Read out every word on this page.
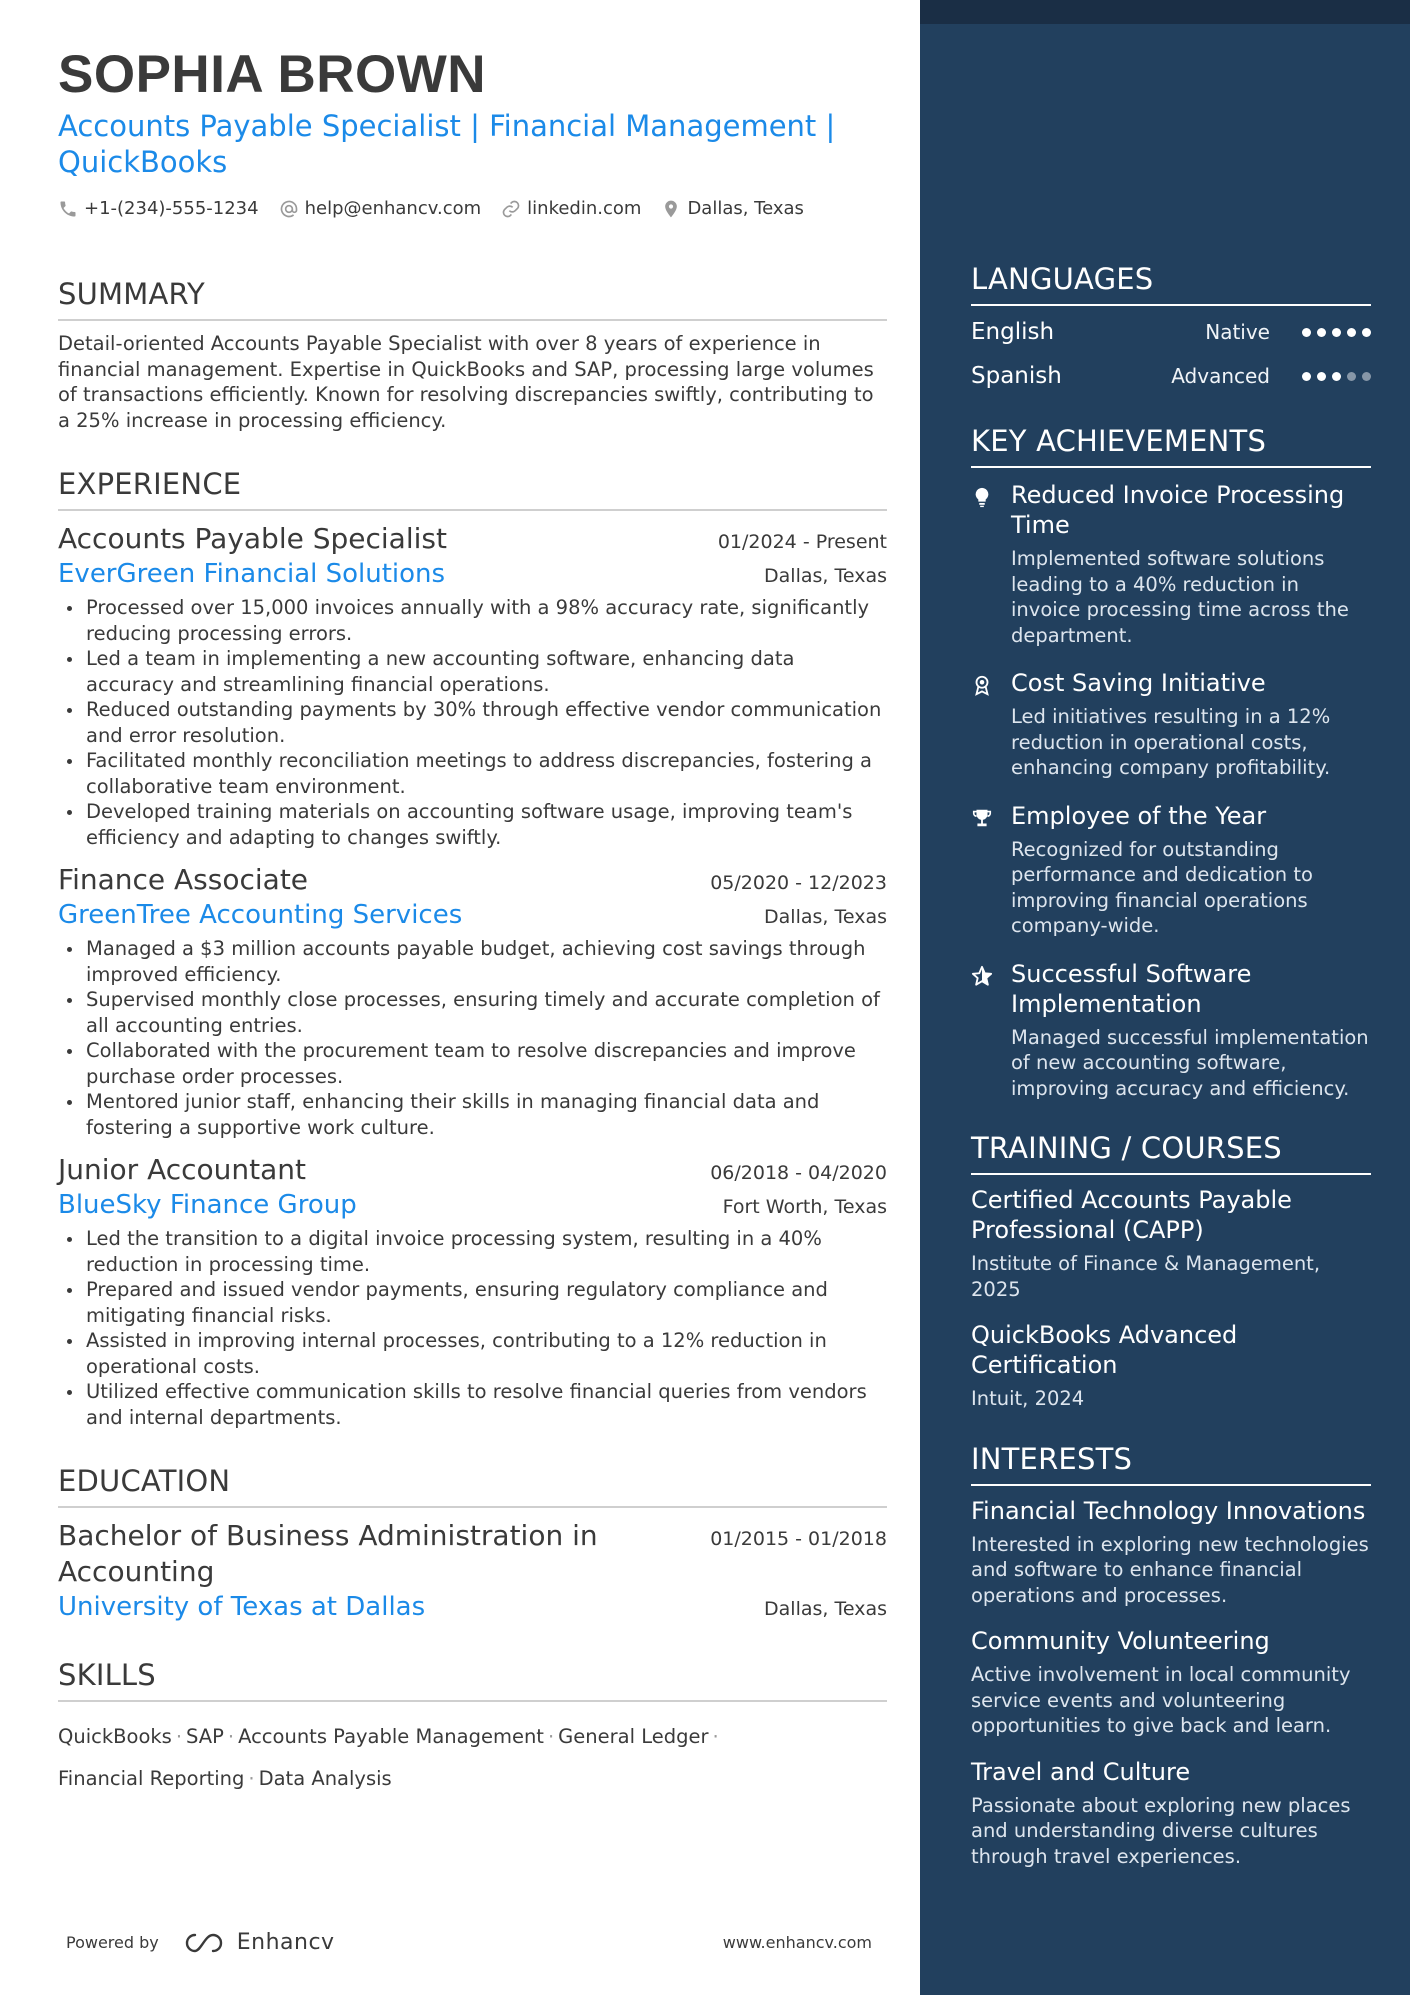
SOPHIA BROWN
Accounts Payable Specialist | Financial Management | QuickBooks
+1-(234)-555-1234	help@enhancv.com	linkedin.com	Dallas, Texas
SUMMARY
Detail-oriented Accounts Payable Specialist with over 8 years of experience in financial management. Expertise in QuickBooks and SAP, processing large volumes of transactions efficiently. Known for resolving discrepancies swiftly, contributing to a 25% increase in processing efficiency.
EXPERIENCE
Accounts Payable Specialist	01/2024 - Present
EverGreen Financial Solutions	Dallas, Texas
Processed over 15,000 invoices annually with a 98% accuracy rate, significantly reducing processing errors.
Led a team in implementing a new accounting software, enhancing data accuracy and streamlining financial operations.
Reduced outstanding payments by 30% through effective vendor communication and error resolution.
Facilitated monthly reconciliation meetings to address discrepancies, fostering a collaborative team environment.
Developed training materials on accounting software usage, improving team's efficiency and adapting to changes swiftly.
Finance Associate	05/2020 - 12/2023
GreenTree Accounting Services	Dallas, Texas
Managed a $3 million accounts payable budget, achieving cost savings through improved efficiency.
Supervised monthly close processes, ensuring timely and accurate completion of all accounting entries.
Collaborated with the procurement team to resolve discrepancies and improve purchase order processes.
Mentored junior staff, enhancing their skills in managing financial data and fostering a supportive work culture.
Junior Accountant	06/2018 - 04/2020
BlueSky Finance Group	Fort Worth, Texas
Led the transition to a digital invoice processing system, resulting in a 40% reduction in processing time.
Prepared and issued vendor payments, ensuring regulatory compliance and mitigating financial risks.
Assisted in improving internal processes, contributing to a 12% reduction in operational costs.
Utilized effective communication skills to resolve financial queries from vendors and internal departments.
EDUCATION
Bachelor of Business Administration in Accounting
01/2015 - 01/2018
University of Texas at Dallas	Dallas, Texas
SKILLS
QuickBooks · SAP · Accounts Payable Management · General Ledger ·
Financial Reporting · Data Analysis
Powered by	Enhancv	www.enhancv.com
LANGUAGES
English	Native
Spanish	Advanced
KEY ACHIEVEMENTS
Reduced Invoice Processing Time
Implemented software solutions leading to a 40% reduction in invoice processing time across the department.
Cost Saving Initiative
Led initiatives resulting in a 12% reduction in operational costs, enhancing company profitability.
Employee of the Year
Recognized for outstanding performance and dedication to improving financial operations company-wide.
Successful Software Implementation
Managed successful implementation of new accounting software, improving accuracy and efficiency.
TRAINING / COURSES
Certified Accounts Payable Professional (CAPP)
Institute of Finance & Management, 2025
QuickBooks Advanced Certification
Intuit, 2024
INTERESTS
Financial Technology Innovations
Interested in exploring new technologies and software to enhance financial operations and processes.
Community Volunteering
Active involvement in local community service events and volunteering opportunities to give back and learn.
Travel and Culture
Passionate about exploring new places and understanding diverse cultures through travel experiences.
